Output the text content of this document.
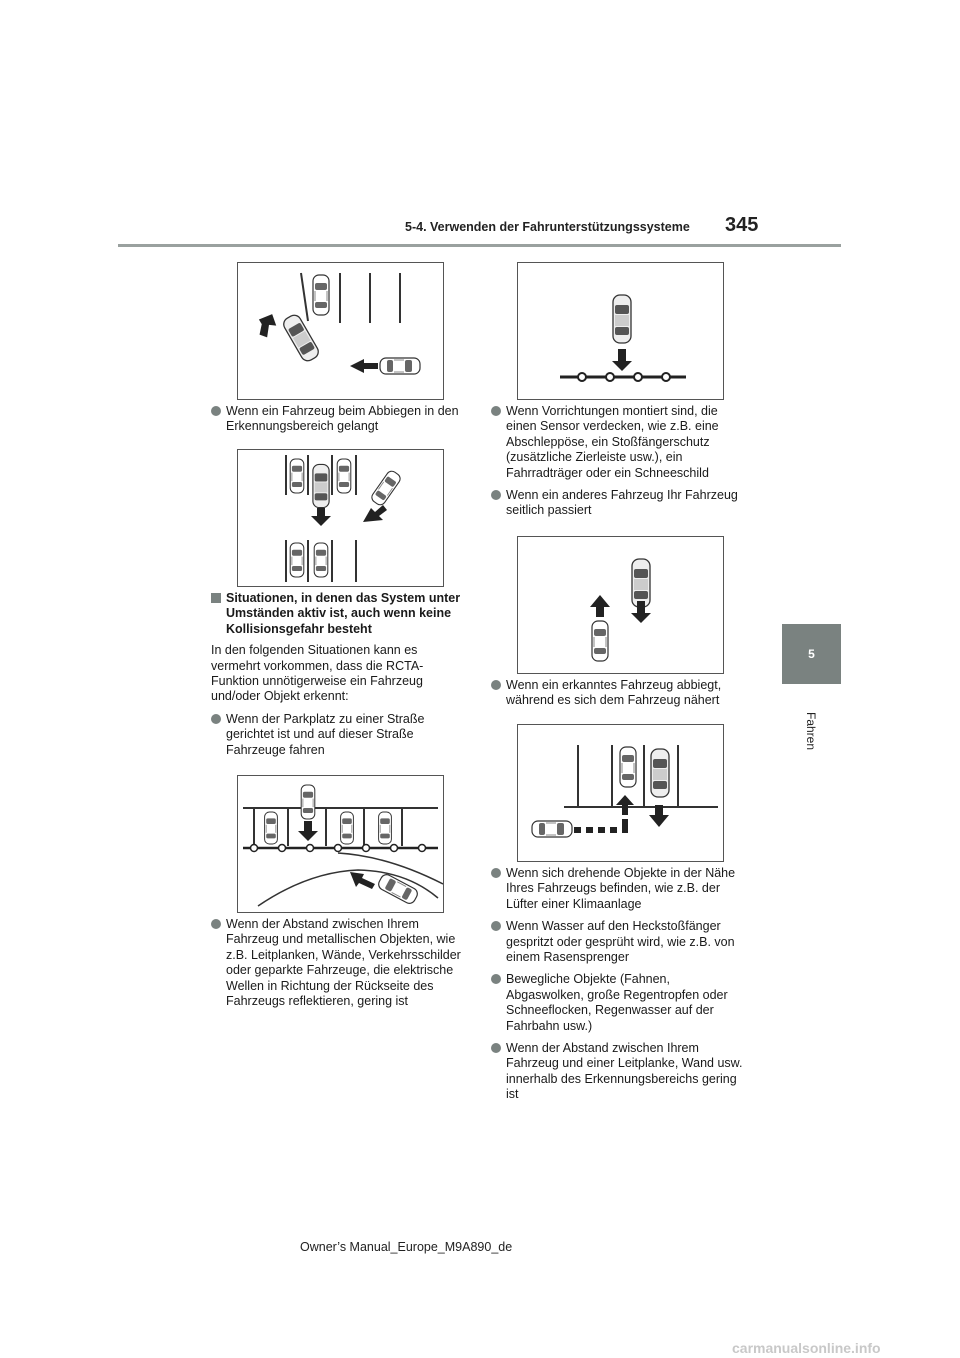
5-4. Verwenden der Fahrunterstützungssysteme 345
5
Fahren
Wenn ein Fahrzeug beim Abbiegen in den Erkennungsbereich gelangt
Wenn Vorrichtungen montiert sind, die einen Sensor verdecken, wie z.B. eine Abschleppöse, ein Stoßfängerschutz (zusätzliche Zierleiste usw.), ein Fahrradträger oder ein Schneeschild
Wenn ein anderes Fahrzeug Ihr Fahrzeug seitlich passiert
Situationen, in denen das System unter Umständen aktiv ist, auch wenn keine Kollisionsgefahr besteht
In den folgenden Situationen kann es vermehrt vorkommen, dass die RCTA-Funktion unnötigerweise ein Fahrzeug und/oder Objekt erkennt:
Wenn der Parkplatz zu einer Straße gerichtet ist und auf dieser Straße Fahrzeuge fahren
Wenn ein erkanntes Fahrzeug abbiegt, während es sich dem Fahrzeug nähert
Wenn sich drehende Objekte in der Nähe Ihres Fahrzeugs befinden, wie z.B. der Lüfter einer Klimaanlage
Wenn Wasser auf den Heckstoßfänger gespritzt oder gesprüht wird, wie z.B. von einem Rasensprenger
Bewegliche Objekte (Fahnen, Abgaswolken, große Regentropfen oder Schneeflocken, Regenwasser auf der Fahrbahn usw.)
Wenn der Abstand zwischen Ihrem Fahrzeug und einer Leitplanke, Wand usw. innerhalb des Erkennungsbereichs gering ist
Wenn der Abstand zwischen Ihrem Fahrzeug und metallischen Objekten, wie z.B. Leitplanken, Wände, Verkehrsschilder oder geparkte Fahrzeuge, die elektrische Wellen in Richtung der Rückseite des Fahrzeugs reflektieren, gering ist
Owner’s Manual_Europe_M9A890_de
carmanualsonline.info
